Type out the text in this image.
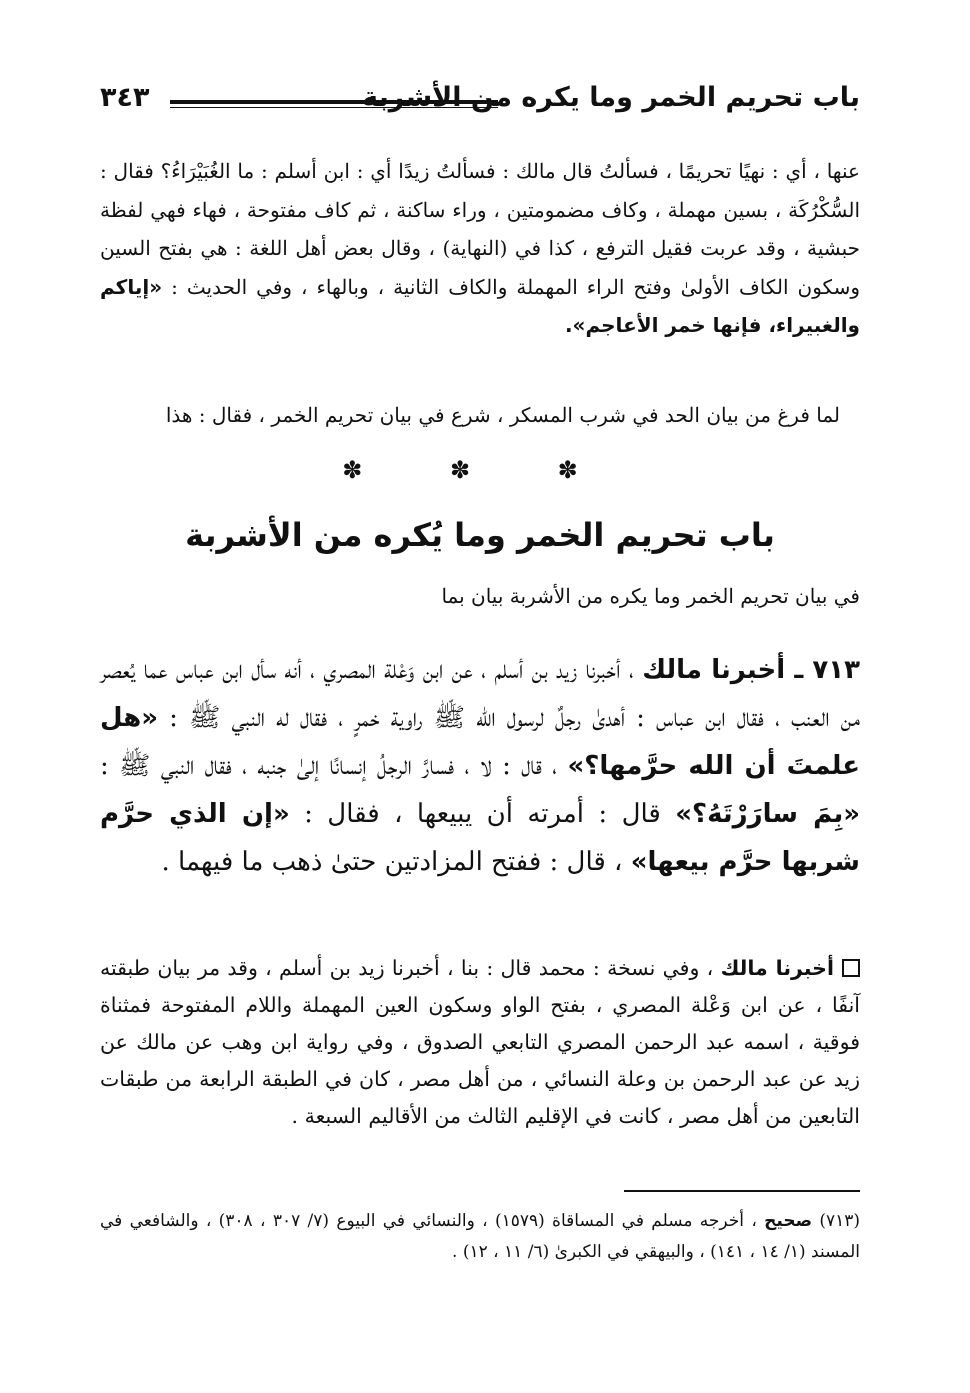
باب تحريم الخمر وما يكره من الأشربة
٣٤٣

عنها ، أي : نهيًا تحريمًا ، فسألتُ قال مالك : فسألتُ زيدًا أي : ابن أسلم : ما الغُبَيْرَاءُ؟ فقال : السُّكْرُكَة ، بسين مهملة ، وكاف مضمومتين ، وراء ساكنة ، ثم كاف مفتوحة ، فهاء فهي لفظة حبشية ، وقد عربت فقيل الترفع ، كذا في (النهاية) ، وقال بعض أهل اللغة : هي بفتح السين وسكون الكاف الأولىٰ وفتح الراء المهملة والكاف الثانية ، وبالهاء ، وفي الحديث : «إياكم والغبيراء، فإنها خمر الأعاجم».

لما فرغ من بيان الحد في شرب المسكر ، شرع في بيان تحريم الخمر ، فقال : هذا

✽ ✽ ✽
باب تحريم الخمر وما يُكره من الأشربة

في بيان تحريم الخمر وما يكره من الأشربة بيان بما

٧١٣ ـ أخبرنا مالك ، أخبرنا زيد بن أسلم ، عن ابن وَعْلة المصري ، أنه سأل ابن عباس عما يُعصر من العنب ، فقال ابن عباس : أهدىٰ رجلٌ لرسول الله ﷺ راوية خمرٍ ، فقال له النبي ﷺ : «هل علمتَ أن الله حرَّمها؟» ، قال : لا ، فسارَّ الرجلُ إنسانًا إلىٰ جنبه ، فقال النبي ﷺ : «بِمَ سارَرْتَهُ؟» قال : أمرته أن يبيعها ، فقال : «إن الذي حرَّم شربها حرَّم بيعها» ، قال : ففتح المزادتين حتىٰ ذهب ما فيهما .

أخبرنا مالك ، وفي نسخة : محمد قال : بنا ، أخبرنا زيد بن أسلم ، وقد مر بيان طبقته آنفًا ، عن ابن وَعْلة المصري ، بفتح الواو وسكون العين المهملة واللام المفتوحة فمثناة فوقية ، اسمه عبد الرحمن المصري التابعي الصدوق ، وفي رواية ابن وهب عن مالك عن زيد عن عبد الرحمن بن وعلة النسائي ، من أهل مصر ، كان في الطبقة الرابعة من طبقات التابعين من أهل مصر ، كانت في الإقليم الثالث من الأقاليم السبعة .

(٧١٣) صحيح ، أخرجه مسلم في المساقاة (١٥٧٩) ، والنسائي في البيوع (٧/ ٣٠٧ ، ٣٠٨) ، والشافعي في المسند (١/ ١٤ ، ١٤١) ، والبيهقي في الكبرىٰ (٦/ ١١ ، ١٢) .
